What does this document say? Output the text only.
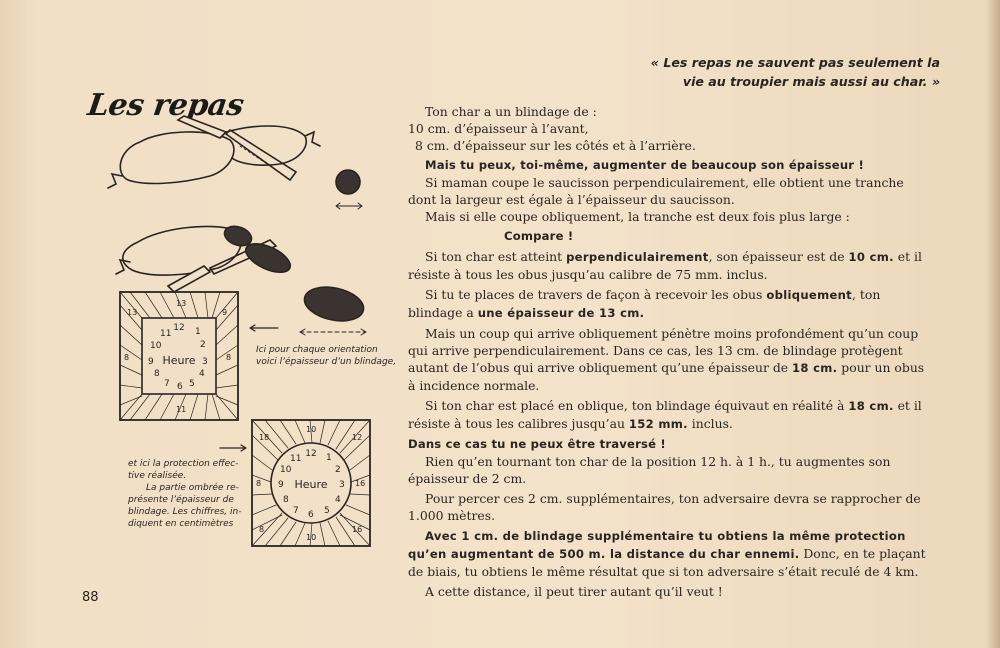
« Les repas ne sauvent pas seulement la
vie au troupier mais aussi au char. »
Les repas
Heure
12 1
2
3
4
5
6
7
8
9
10
11
13
13	9
8	8
11
Heure
12 1
2
3
4
5
6
7
8
9
10
11
10
18	12
8	16
8	16
10
Ici pour chaque orientation
voici l’épaisseur d’un blindage,
et ici la protection effec-
tive réalisée.
La partie ombrée re-
présente l’épaisseur de
blindage. Les chiffres, in-
diquent en centimètres

Ton char a un blindage de :

10 cm. d’épaisseur à l’avant,

8 cm. d’épaisseur sur les côtés et à l’arrière.

Mais tu peux, toi-même, augmenter de beaucoup son épaisseur !

Si maman coupe le saucisson perpendiculairement, elle obtient une tranche dont la largeur est égale à l’épaisseur du saucisson.

Mais si elle coupe obliquement, la tranche est deux fois plus large :

Compare !

Si ton char est atteint perpendiculairement, son épaisseur est de 10 cm. et il résiste à tous les obus jusqu’au calibre de 75 mm. inclus.

Si tu te places de travers de façon à recevoir les obus obliquement, ton blindage a une épaisseur de 13 cm.

Mais un coup qui arrive obliquement pénètre moins profondément qu’un coup qui arrive perpendiculairement. Dans ce cas, les 13 cm. de blindage protègent autant de l’obus qui arrive obliquement qu’une épaisseur de 18 cm. pour un obus à incidence normale.

Si ton char est placé en oblique, ton blindage équivaut en réalité à 18 cm. et il résiste à tous les calibres jusqu’au 152 mm. inclus.

Dans ce cas tu ne peux être traversé !

Rien qu’en tournant ton char de la position 12 h. à 1 h., tu augmentes son épaisseur de 2 cm.

Pour percer ces 2 cm. supplémentaires, ton adversaire devra se rapprocher de 1.000 mètres.

Avec 1 cm. de blindage supplémentaire tu obtiens la même protection qu’en augmentant de 500 m. la distance du char ennemi. Donc, en te plaçant de biais, tu obtiens le même résultat que si ton adversaire s’était reculé de 4 km.

A cette distance, il peut tirer autant qu’il veut !

88
